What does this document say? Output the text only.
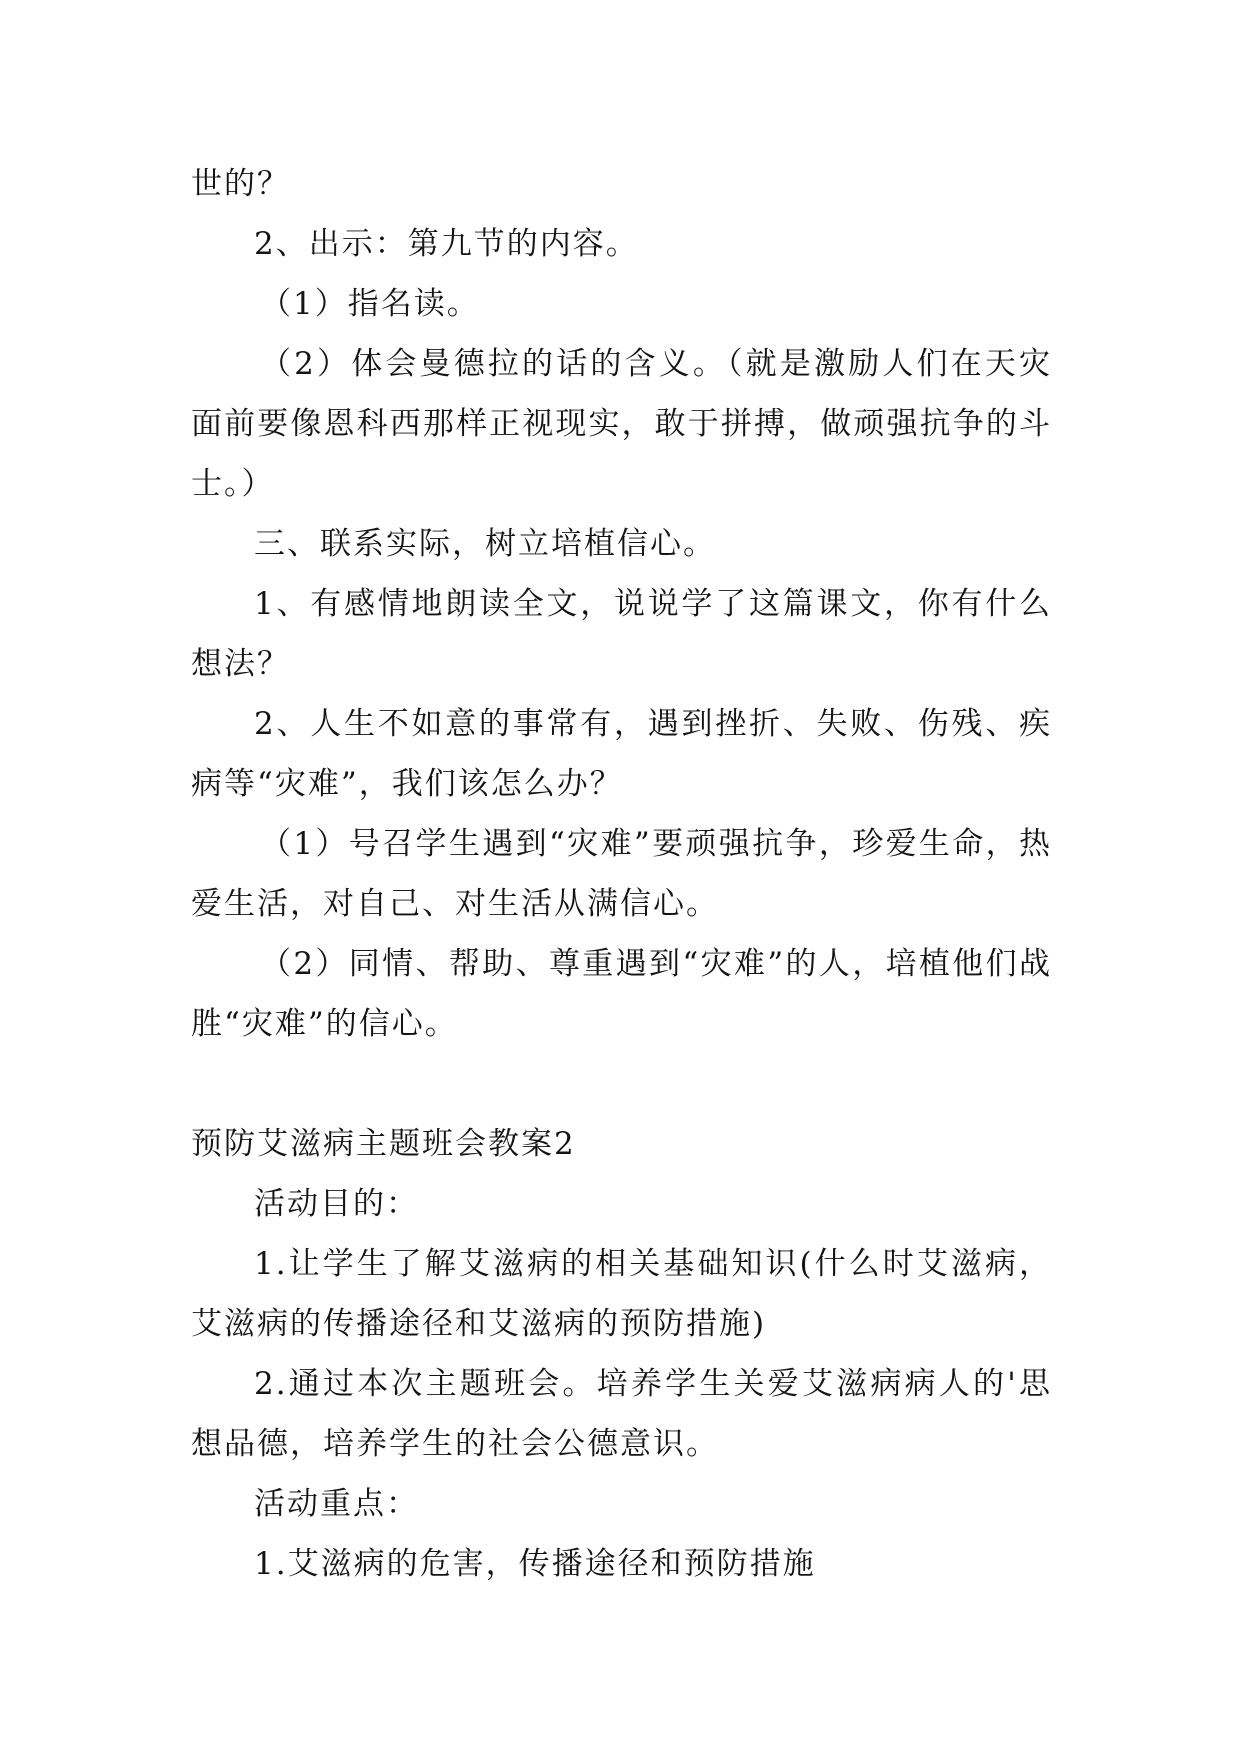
世的？

2、出示：第九节的内容。

（1）指名读。

（2）体会曼德拉的话的含义。（就是激励人们在天灾面前要像恩科西那样正视现实，敢于拼搏，做顽强抗争的斗士。）

三、联系实际，树立培植信心。

1、有感情地朗读全文，说说学了这篇课文，你有什么想法？

2、人生不如意的事常有，遇到挫折、失败、伤残、疾病等“灾难”，我们该怎么办？

（1）号召学生遇到“灾难”要顽强抗争，珍爱生命，热爱生活，对自己、对生活从满信心。

（2）同情、帮助、尊重遇到“灾难”的人，培植他们战胜“灾难”的信心。

预防艾滋病主题班会教案2

活动目的：

1.让学生了解艾滋病的相关基础知识(什么时艾滋病，艾滋病的传播途径和艾滋病的预防措施)

2.通过本次主题班会。培养学生关爱艾滋病病人的'思想品德，培养学生的社会公德意识。

活动重点：

1.艾滋病的危害，传播途径和预防措施
